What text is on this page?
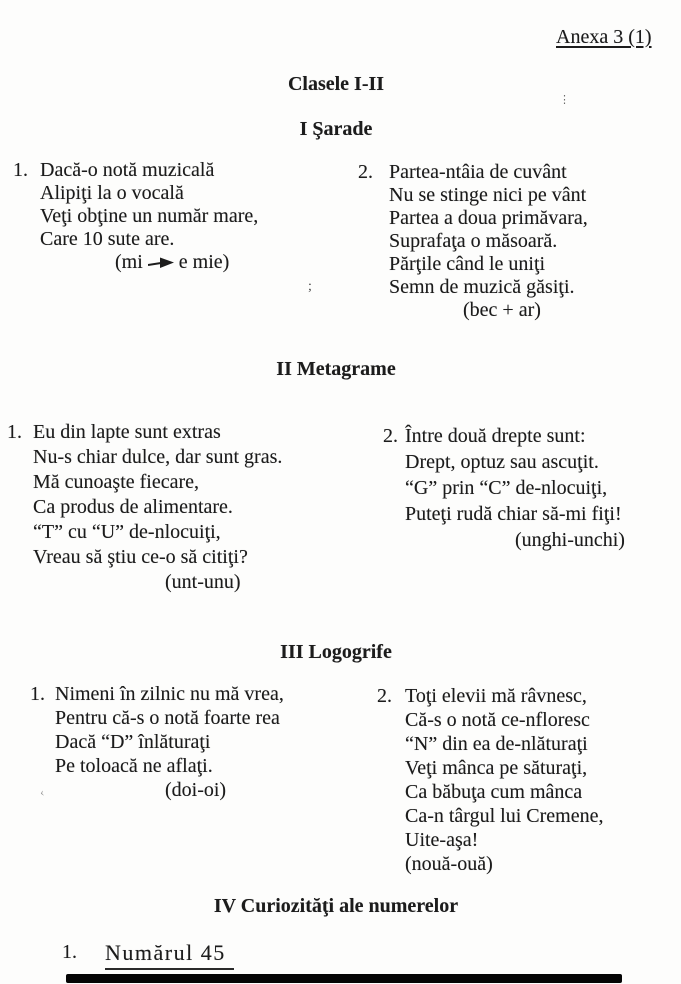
Anexa 3 (1)
Clasele I-II
⋮
;
‹
I Şarade
1. Dacă-o notă muzicală
Alipiţi la o vocală
Veţi obţine un număr mare,
Care 10 sute are.
(mi e mie)
2. Partea-ntâia de cuvânt
Nu se stinge nici pe vânt
Partea a doua primăvara,
Suprafaţa o măsoară.
Părţile când le uniţi
Semn de muzică găsiţi.
(bec + ar)
II Metagrame
1. Eu din lapte sunt extras
Nu-s chiar dulce, dar sunt gras.
Mă cunoaşte fiecare,
Ca produs de alimentare.
“T” cu “U” de-nlocuiţi,
Vreau să ştiu ce-o să citiţi?
(unt-unu)
2. Între două drepte sunt:
Drept, optuz sau ascuţit.
“G” prin “C” de-nlocuiţi,
Puteţi rudă chiar să-mi fiţi!
(unghi-unchi)
III Logogrife
1. Nimeni în zilnic nu mă vrea,
Pentru că-s o notă foarte rea
Dacă “D” înlăturaţi
Pe toloacă ne aflaţi.
(doi-oi)
2. Toţi elevii mă râvnesc,
Că-s o notă ce-nfloresc
“N” din ea de-nlăturaţi
Veţi mânca pe săturaţi,
Ca băbuţa cum mânca
Ca-n târgul lui Cremene,
Uite-aşa!
(nouă-ouă)
IV Curiozităţi ale numerelor
1. Numărul 45
